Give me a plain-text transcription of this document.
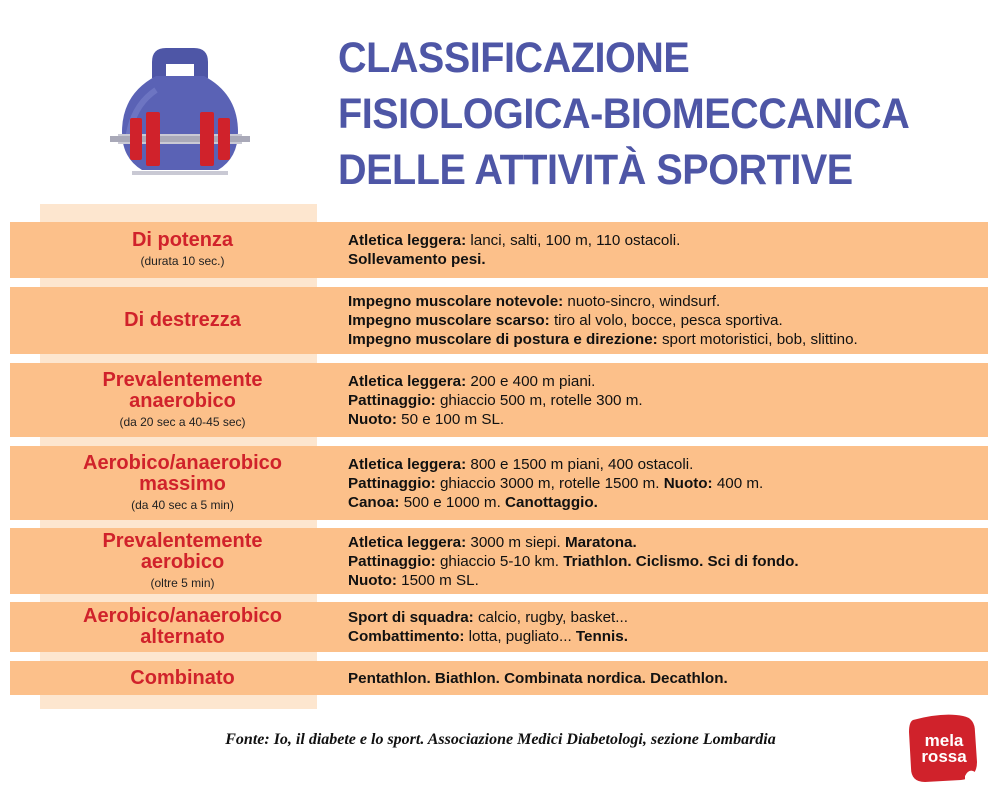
CLASSIFICAZIONE
FISIOLOGICA-BIOMECCANICA
DELLE ATTIVITÀ SPORTIVE
Di potenza
(durata 10 sec.)
Atletica leggera: lanci, salti, 100 m, 110 ostacoli.
Sollevamento pesi.
Di destrezza
Impegno muscolare notevole: nuoto-sincro, windsurf.
Impegno muscolare scarso: tiro al volo, bocce, pesca sportiva.
Impegno muscolare di postura e direzione: sport motoristici, bob, slittino.
Prevalentemente anaerobico
(da 20 sec a 40-45 sec)
Atletica leggera: 200 e 400 m piani.
Pattinaggio: ghiaccio 500 m, rotelle 300 m.
Nuoto: 50 e 100 m SL.
Aerobico/anaerobico massimo
(da 40 sec a 5 min)
Atletica leggera: 800 e 1500 m piani, 400 ostacoli.
Pattinaggio: ghiaccio 3000 m, rotelle 1500 m. Nuoto: 400 m.
Canoa: 500 e 1000 m. Canottaggio.
Prevalentemente aerobico
(oltre 5 min)
Atletica leggera: 3000 m siepi. Maratona.
Pattinaggio: ghiaccio 5-10 km. Triathlon. Ciclismo. Sci di fondo.
Nuoto: 1500 m SL.
Aerobico/anaerobico alternato
Sport di squadra: calcio, rugby, basket...
Combattimento: lotta, pugliato... Tennis.
Combinato	Pentathlon. Biathlon. Combinata nordica. Decathlon.
Fonte: Io, il diabete e lo sport. Associazione Medici Diabetologi, sezione Lombardia	mela
rossa
